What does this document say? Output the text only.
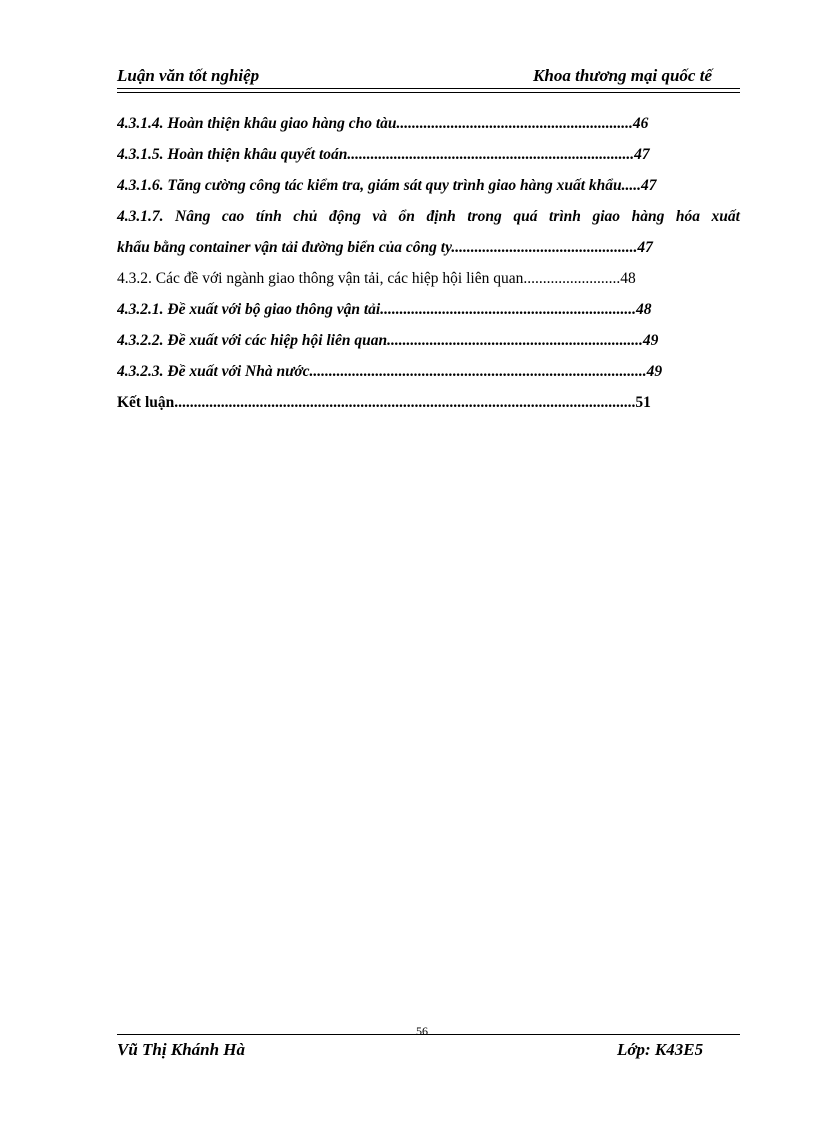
Luận văn tốt nghiệp	Khoa thương mại quốc tế
4.3.1.4. Hoàn thiện khâu giao hàng cho tàu.............................................................46
4.3.1.5. Hoàn thiện khâu quyết toán..........................................................................47
4.3.1.6. Tăng cường công tác kiểm tra, giám sát quy trình giao hàng xuất khẩu.....47
4.3.1.7. Nâng cao tính chủ động và ổn định trong quá trình giao hàng hóa xuất
khẩu bằng container vận tải đường biển của công ty................................................47
4.3.2. Các đề với ngành giao thông vận tải, các hiệp hội liên quan.........................48
4.3.2.1. Đề xuất với bộ giao thông vận tải..................................................................48
4.3.2.2. Đề xuất với các hiệp hội liên quan..................................................................49
4.3.2.3. Đề xuất với Nhà nước.......................................................................................49
Kết luận.......................................................................................................................51
56
Vũ Thị Khánh Hà	Lớp: K43E5
